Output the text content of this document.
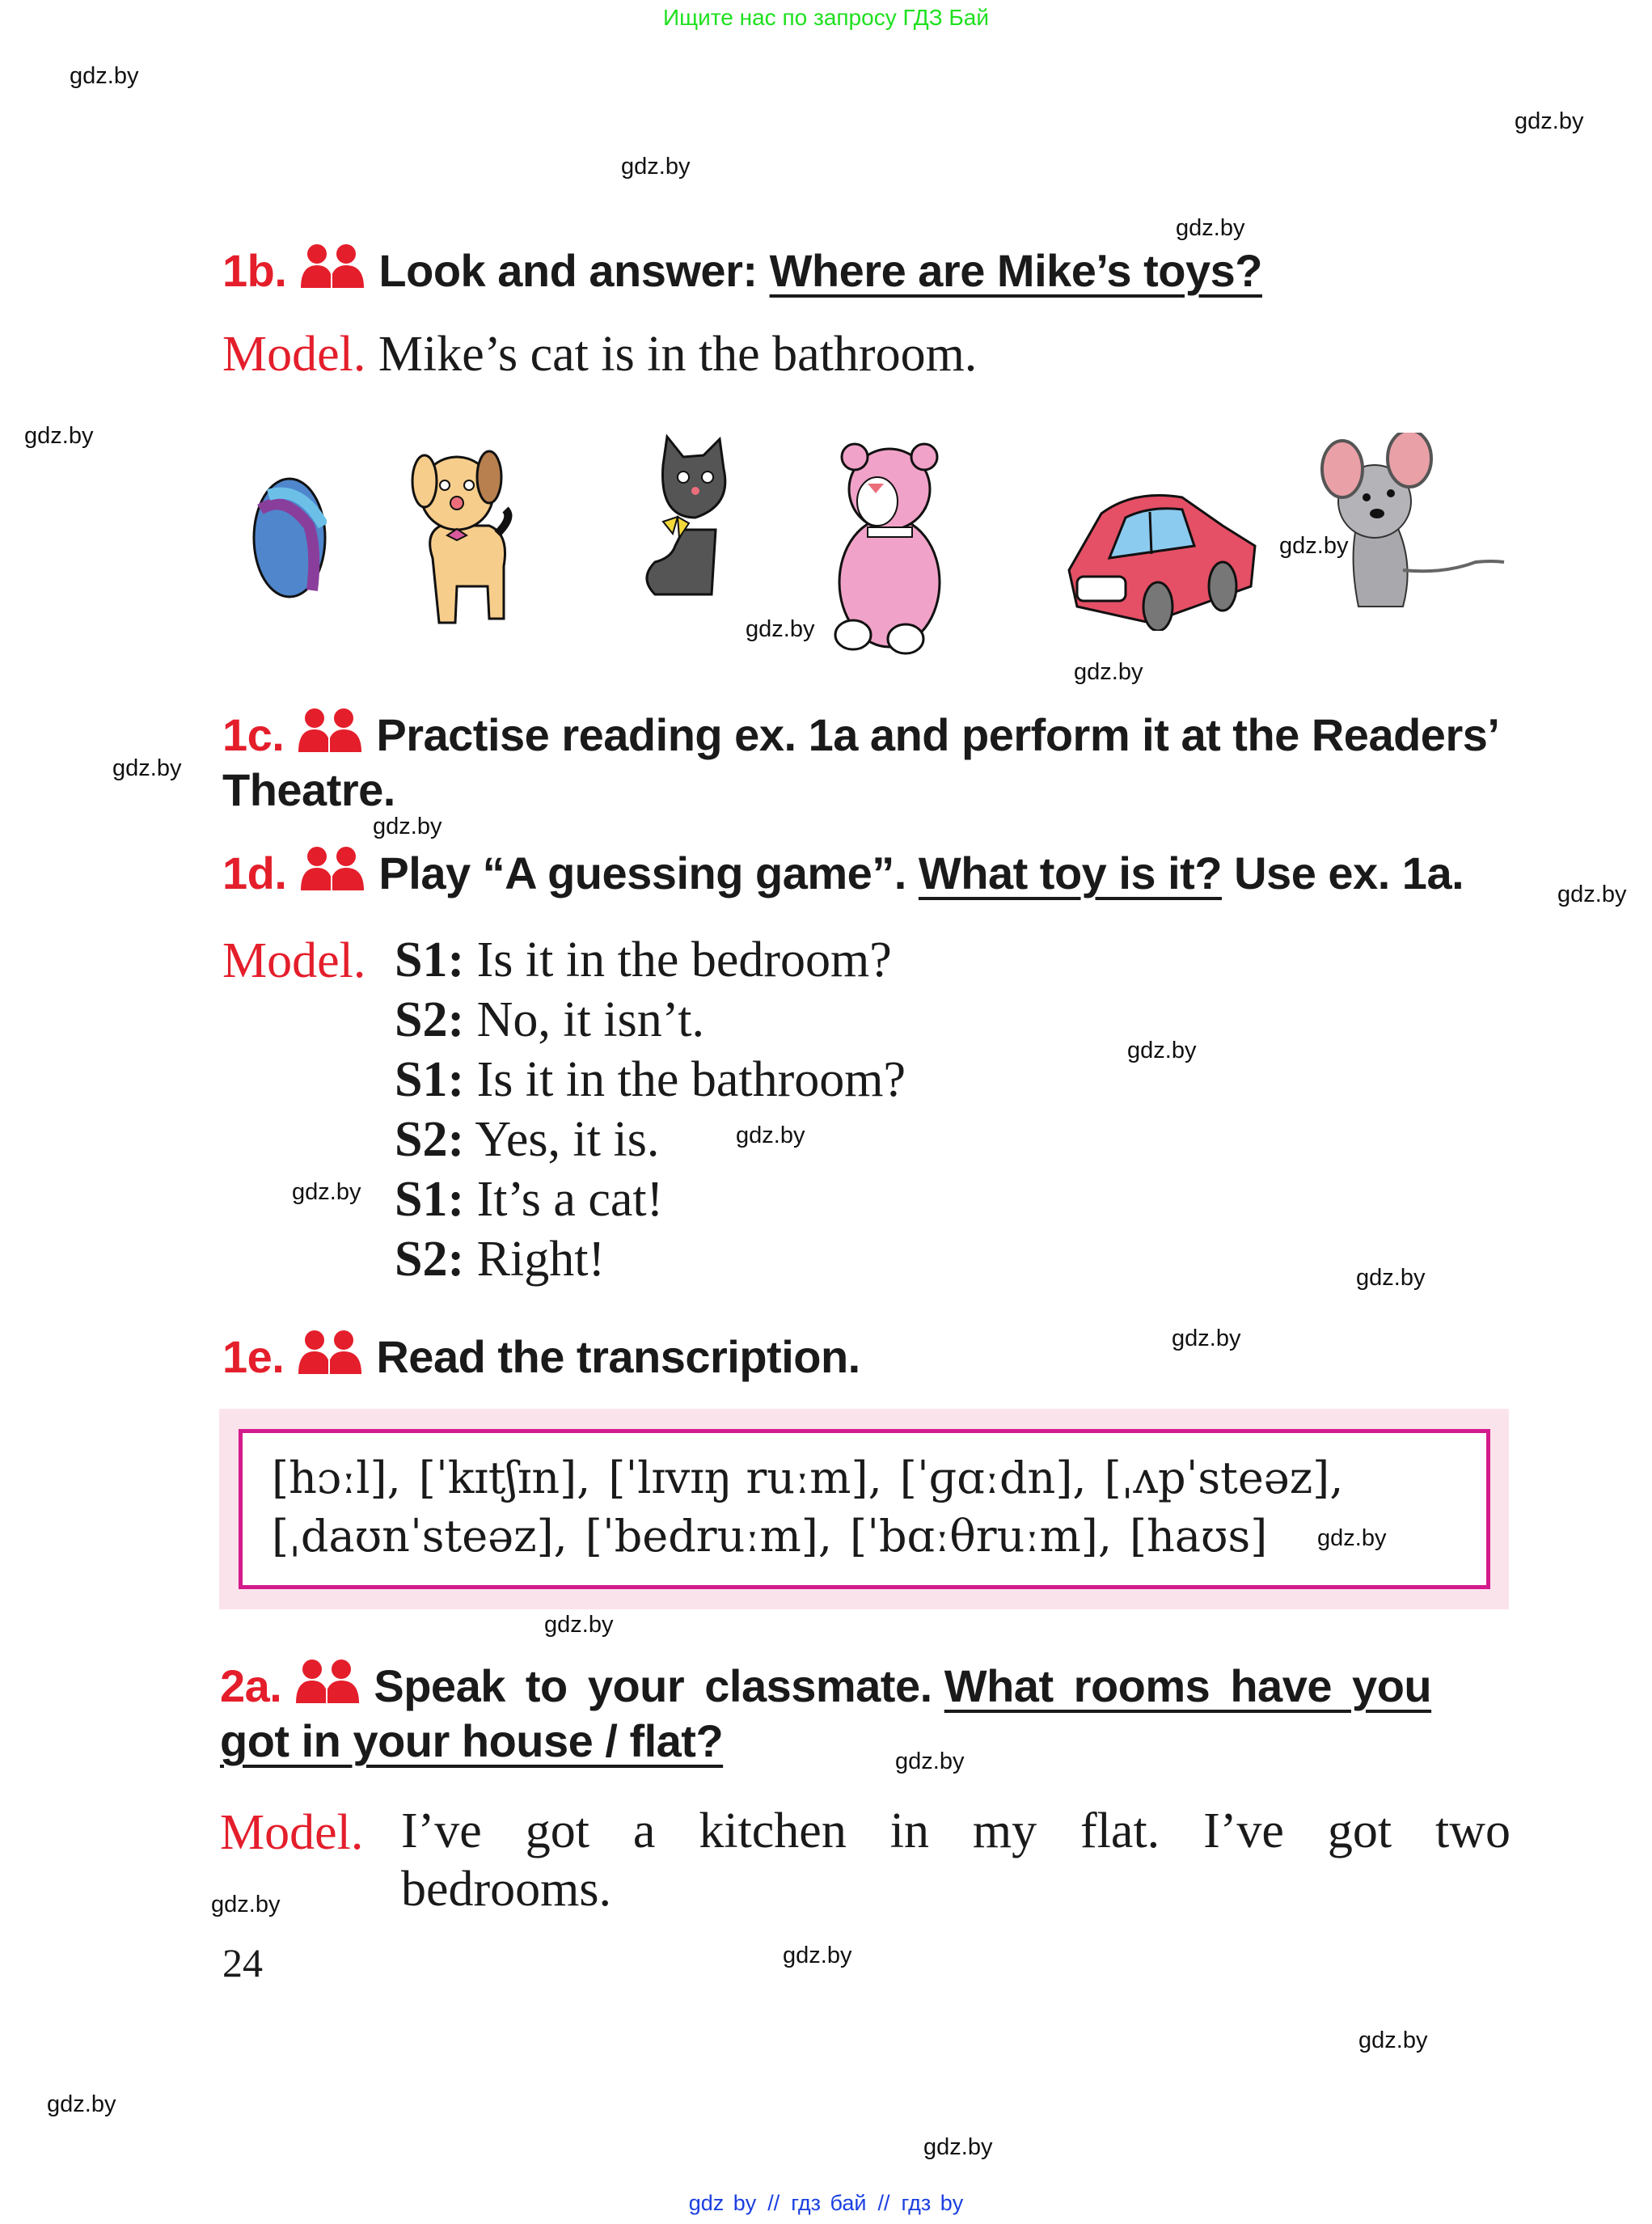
Ищите нас по запросу ГДЗ Бай
gdz.by
gdz.by
gdz.by
gdz.by
gdz.by
gdz.by
gdz.by
gdz.by
gdz.by
gdz.by
gdz.by
gdz.by
gdz.by
gdz.by
gdz.by
gdz.by
gdz.by
gdz.by
gdz.by
gdz.by
gdz.by
gdz.by
gdz.by
gdz.by
1b. Look and answer: Where are Mike’s toys?
Model. Mike’s cat is in the bathroom.
1c. Practise reading ex. 1a and perform it at the Readers’
Theatre.
1d. Play “A guessing game”. What toy is it? Use ex. 1a.
Model. S1: Is it in the bedroom?
S2: No, it isn’t.
S1: Is it in the bathroom?
S2: Yes, it is.
S1: It’s a cat!
S2: Right!
1e. Read the transcription.
[hɔːl], [ˈkɪtʃɪn], [ˈlɪvɪŋ ruːm], [ˈɡɑːdn], [ˌʌpˈsteəz],
[ˌdaʊnˈsteəz], [ˈbedruːm], [ˈbɑːθruːm], [haʊs]
2a. Speak to your classmate. What rooms have you
got in your house / flat?
Model. I’ve got a kitchen in my flat. I’ve got two
bedrooms.
24
gdz by // гдз бай // гдз by
